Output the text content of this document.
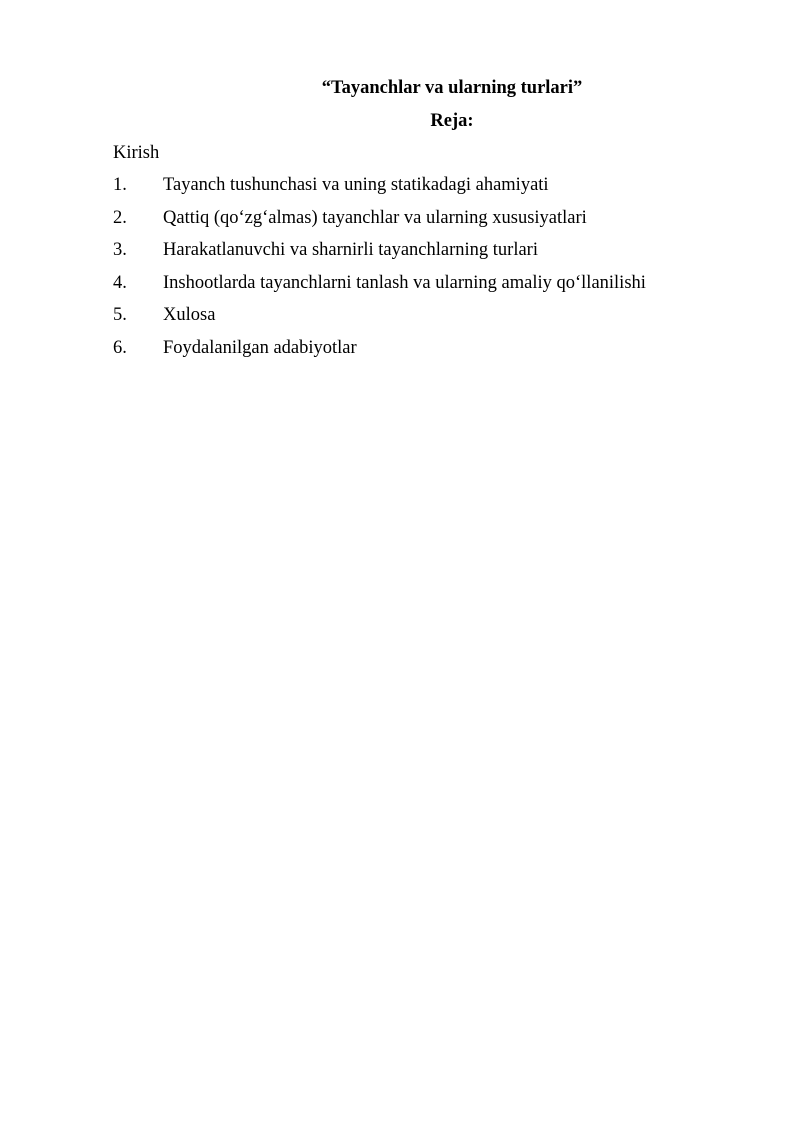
“Tayanchlar va ularning turlari”
Reja:
Kirish
1.	Tayanch tushunchasi va uning statikadagi ahamiyati
2.	Qattiq (qo‘zg‘almas) tayanchlar va ularning xususiyatlari
3.	Harakatlanuvchi va sharnirli tayanchlarning turlari
4.	Inshootlarda tayanchlarni tanlash va ularning amaliy qo‘llanilishi
5.	Xulosa
6.	Foydalanilgan adabiyotlar
